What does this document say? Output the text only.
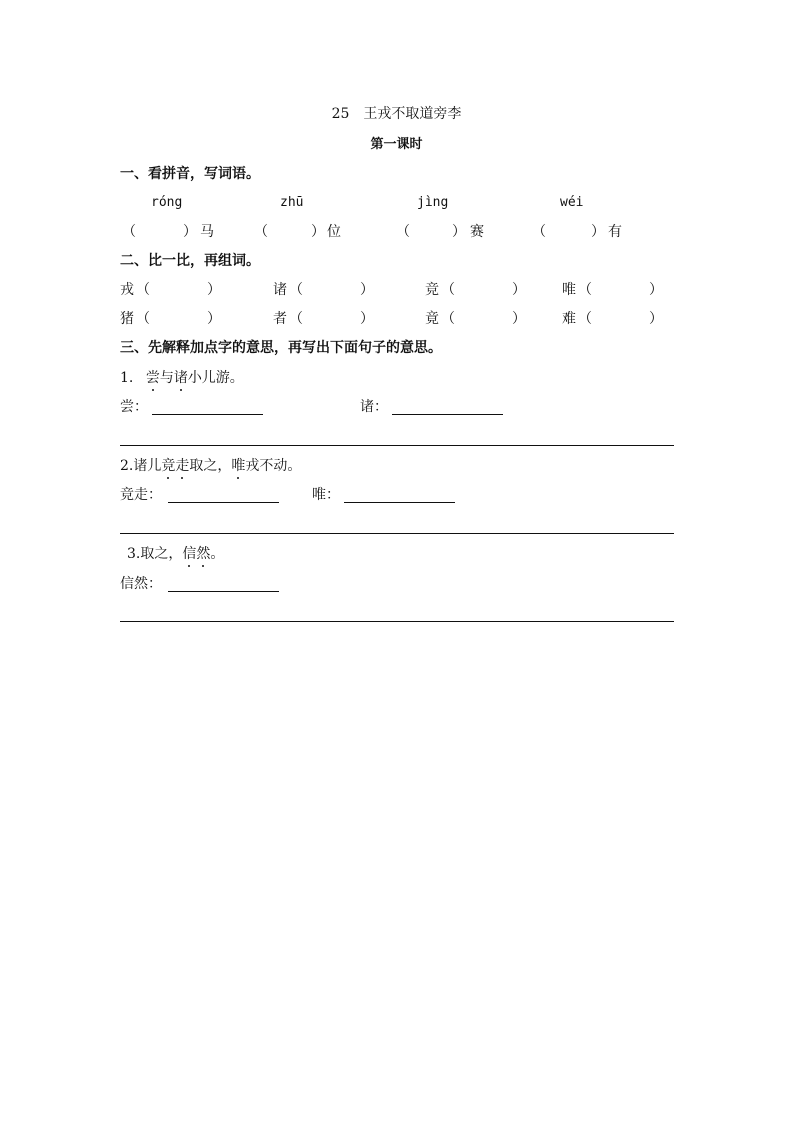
25　王戎不取道旁李
第一课时
一、看拼音，写词语。
róng	zhū	jìng	wéi
（	） 马	（	） 位	（	） 赛	（	） 有
二、比一比，再组词。
戎 （	）	诸 （	）	竞 （	）	唯 （	）
猪 （	）	者 （	）	竟 （	）	难 （	）
三、先解释加点字的意思，再写出下面句子的意思。
1. 尝与诸小儿游。
尝：	诸：
2.诸儿竞走取之，唯戎不动。
竞走：	唯：
3.取之，信然。
信然：
